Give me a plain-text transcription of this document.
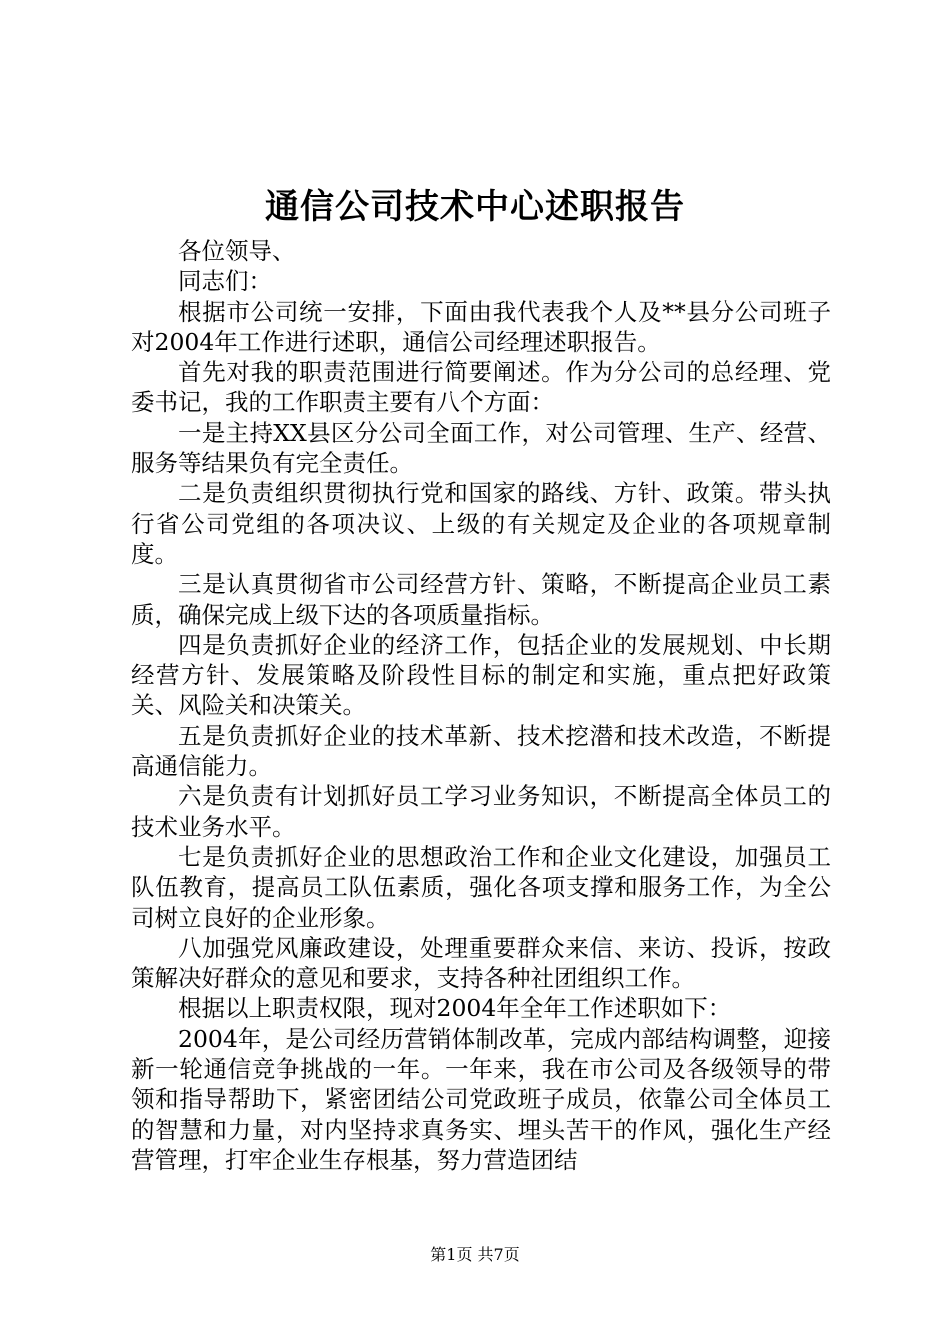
通信公司技术中心述职报告

各位领导、

同志们：

根据市公司统一安排，下面由我代表我个人及**县分公司班子对2004年工作进行述职，通信公司经理述职报告。

首先对我的职责范围进行简要阐述。作为分公司的总经理、党委书记，我的工作职责主要有八个方面：

一是主持XX县区分公司全面工作，对公司管理、生产、经营、服务等结果负有完全责任。

二是负责组织贯彻执行党和国家的路线、方针、政策。带头执行省公司党组的各项决议、上级的有关规定及企业的各项规章制度。

三是认真贯彻省市公司经营方针、策略，不断提高企业员工素质，确保完成上级下达的各项质量指标。

四是负责抓好企业的经济工作，包括企业的发展规划、中长期经营方针、发展策略及阶段性目标的制定和实施，重点把好政策关、风险关和决策关。

五是负责抓好企业的技术革新、技术挖潜和技术改造，不断提高通信能力。

六是负责有计划抓好员工学习业务知识，不断提高全体员工的技术业务水平。

七是负责抓好企业的思想政治工作和企业文化建设，加强员工队伍教育，提高员工队伍素质，强化各项支撑和服务工作，为全公司树立良好的企业形象。

八加强党风廉政建设，处理重要群众来信、来访、投诉，按政策解决好群众的意见和要求，支持各种社团组织工作。

根据以上职责权限，现对2004年全年工作述职如下：

2004年，是公司经历营销体制改革，完成内部结构调整，迎接新一轮通信竞争挑战的一年。一年来，我在市公司及各级领导的带领和指导帮助下，紧密团结公司党政班子成员，依靠公司全体员工的智慧和力量，对内坚持求真务实、埋头苦干的作风，强化生产经营管理，打牢企业生存根基，努力营造团结

第1页 共7页
